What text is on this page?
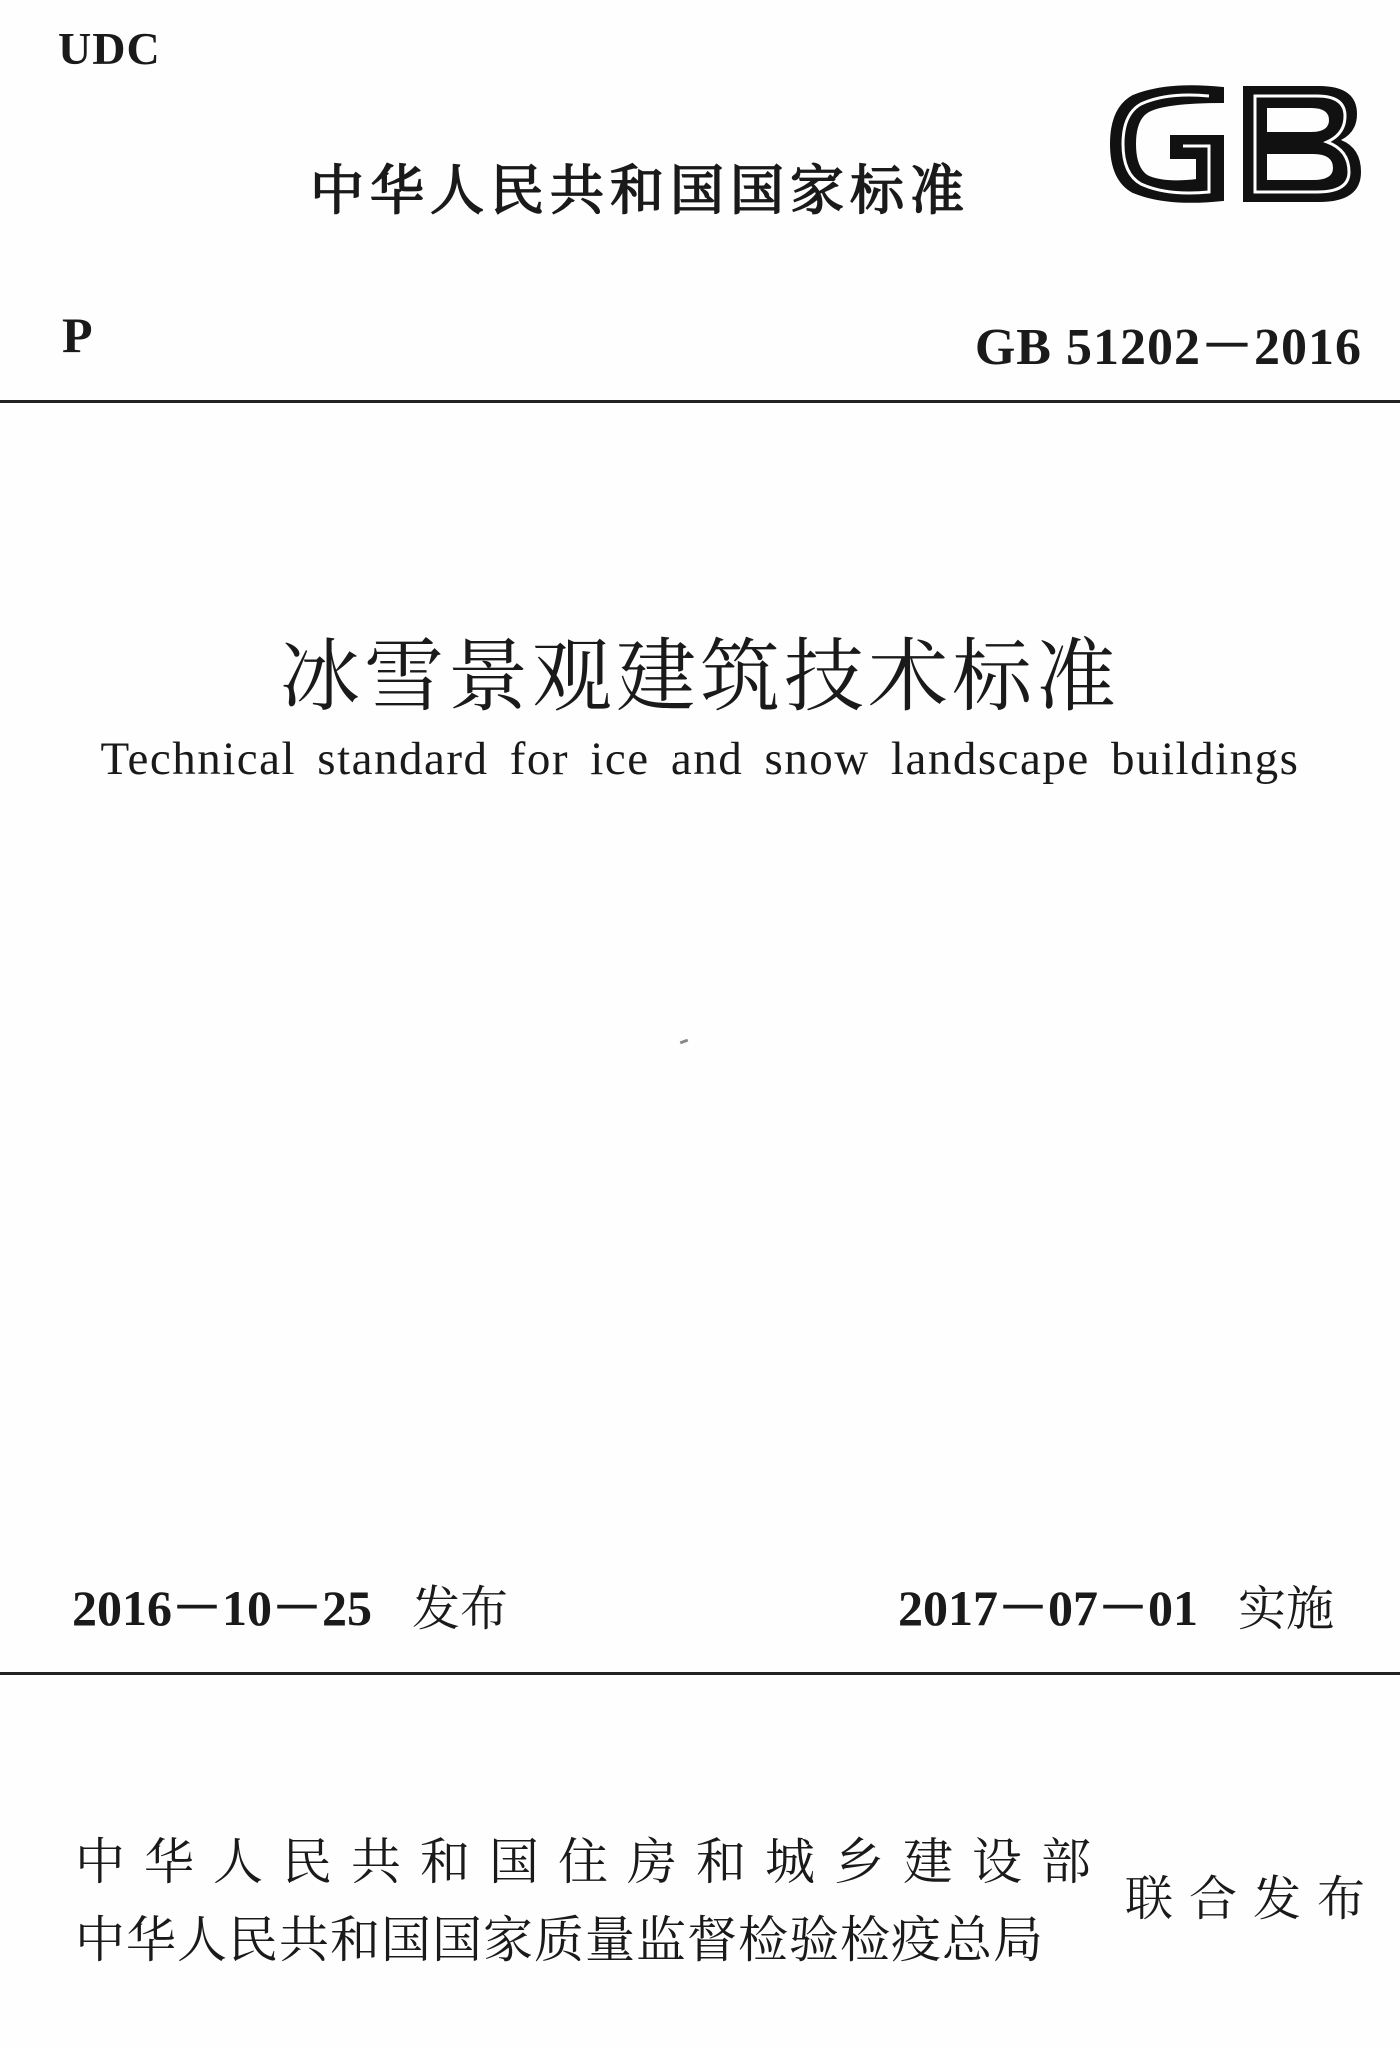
UDC
中华人民共和国国家标准
P	GB 51202－2016
冰雪景观建筑技术标准
Technical standard for ice and snow landscape buildings
2016－10－25 发布	2017－07－01 实施
中华人民共和国住房和城乡建设部
中华人民共和国国家质量监督检验检疫总局
联合发布
